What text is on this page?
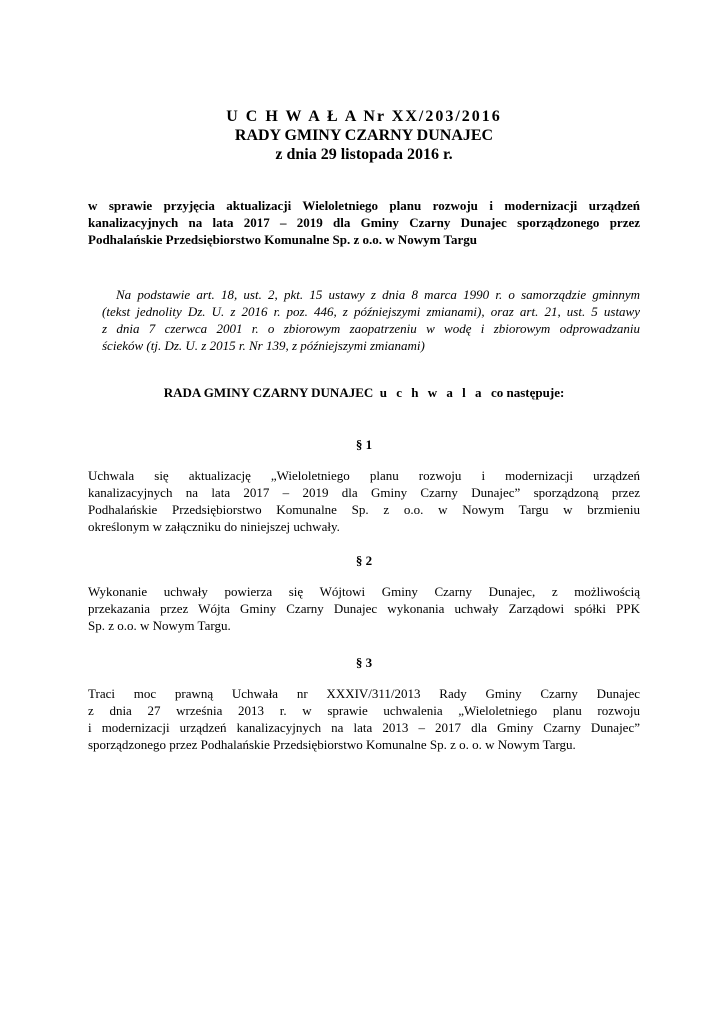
U C H W A Ł A Nr XX/203/2016
RADY GMINY CZARNY DUNAJEC
z dnia 29 listopada 2016 r.
w sprawie przyjęcia aktualizacji Wieloletniego planu rozwoju i modernizacji urządzeń
kanalizacyjnych na lata 2017 – 2019 dla Gminy Czarny Dunajec sporządzonego przez
Podhalańskie Przedsiębiorstwo Komunalne Sp. z o.o. w Nowym Targu
Na podstawie art. 18, ust. 2, pkt. 15 ustawy z dnia 8 marca 1990 r. o samorządzie gminnym
(tekst jednolity Dz. U. z 2016 r. poz. 446, z późniejszymi zmianami), oraz art. 21, ust. 5 ustawy
z dnia 7 czerwca 2001 r. o zbiorowym zaopatrzeniu w wodę i zbiorowym odprowadzaniu
ścieków (tj. Dz. U. z 2015 r. Nr 139, z późniejszymi zmianami)
RADA GMINY CZARNY DUNAJEC u c h w a l a co następuje:
§ 1
Uchwala się aktualizację „Wieloletniego planu rozwoju i modernizacji urządzeń
kanalizacyjnych na lata 2017 – 2019 dla Gminy Czarny Dunajec” sporządzoną przez
Podhalańskie Przedsiębiorstwo Komunalne Sp. z o.o. w Nowym Targu w brzmieniu
określonym w załączniku do niniejszej uchwały.
§ 2
Wykonanie uchwały powierza się Wójtowi Gminy Czarny Dunajec, z możliwością
przekazania przez Wójta Gminy Czarny Dunajec wykonania uchwały Zarządowi spółki PPK
Sp. z o.o. w Nowym Targu.
§ 3
Traci moc prawną Uchwała nr XXXIV/311/2013 Rady Gminy Czarny Dunajec
z dnia 27 września 2013 r. w sprawie uchwalenia „Wieloletniego planu rozwoju
i modernizacji urządzeń kanalizacyjnych na lata 2013 – 2017 dla Gminy Czarny Dunajec”
sporządzonego przez Podhalańskie Przedsiębiorstwo Komunalne Sp. z o. o. w Nowym Targu.
